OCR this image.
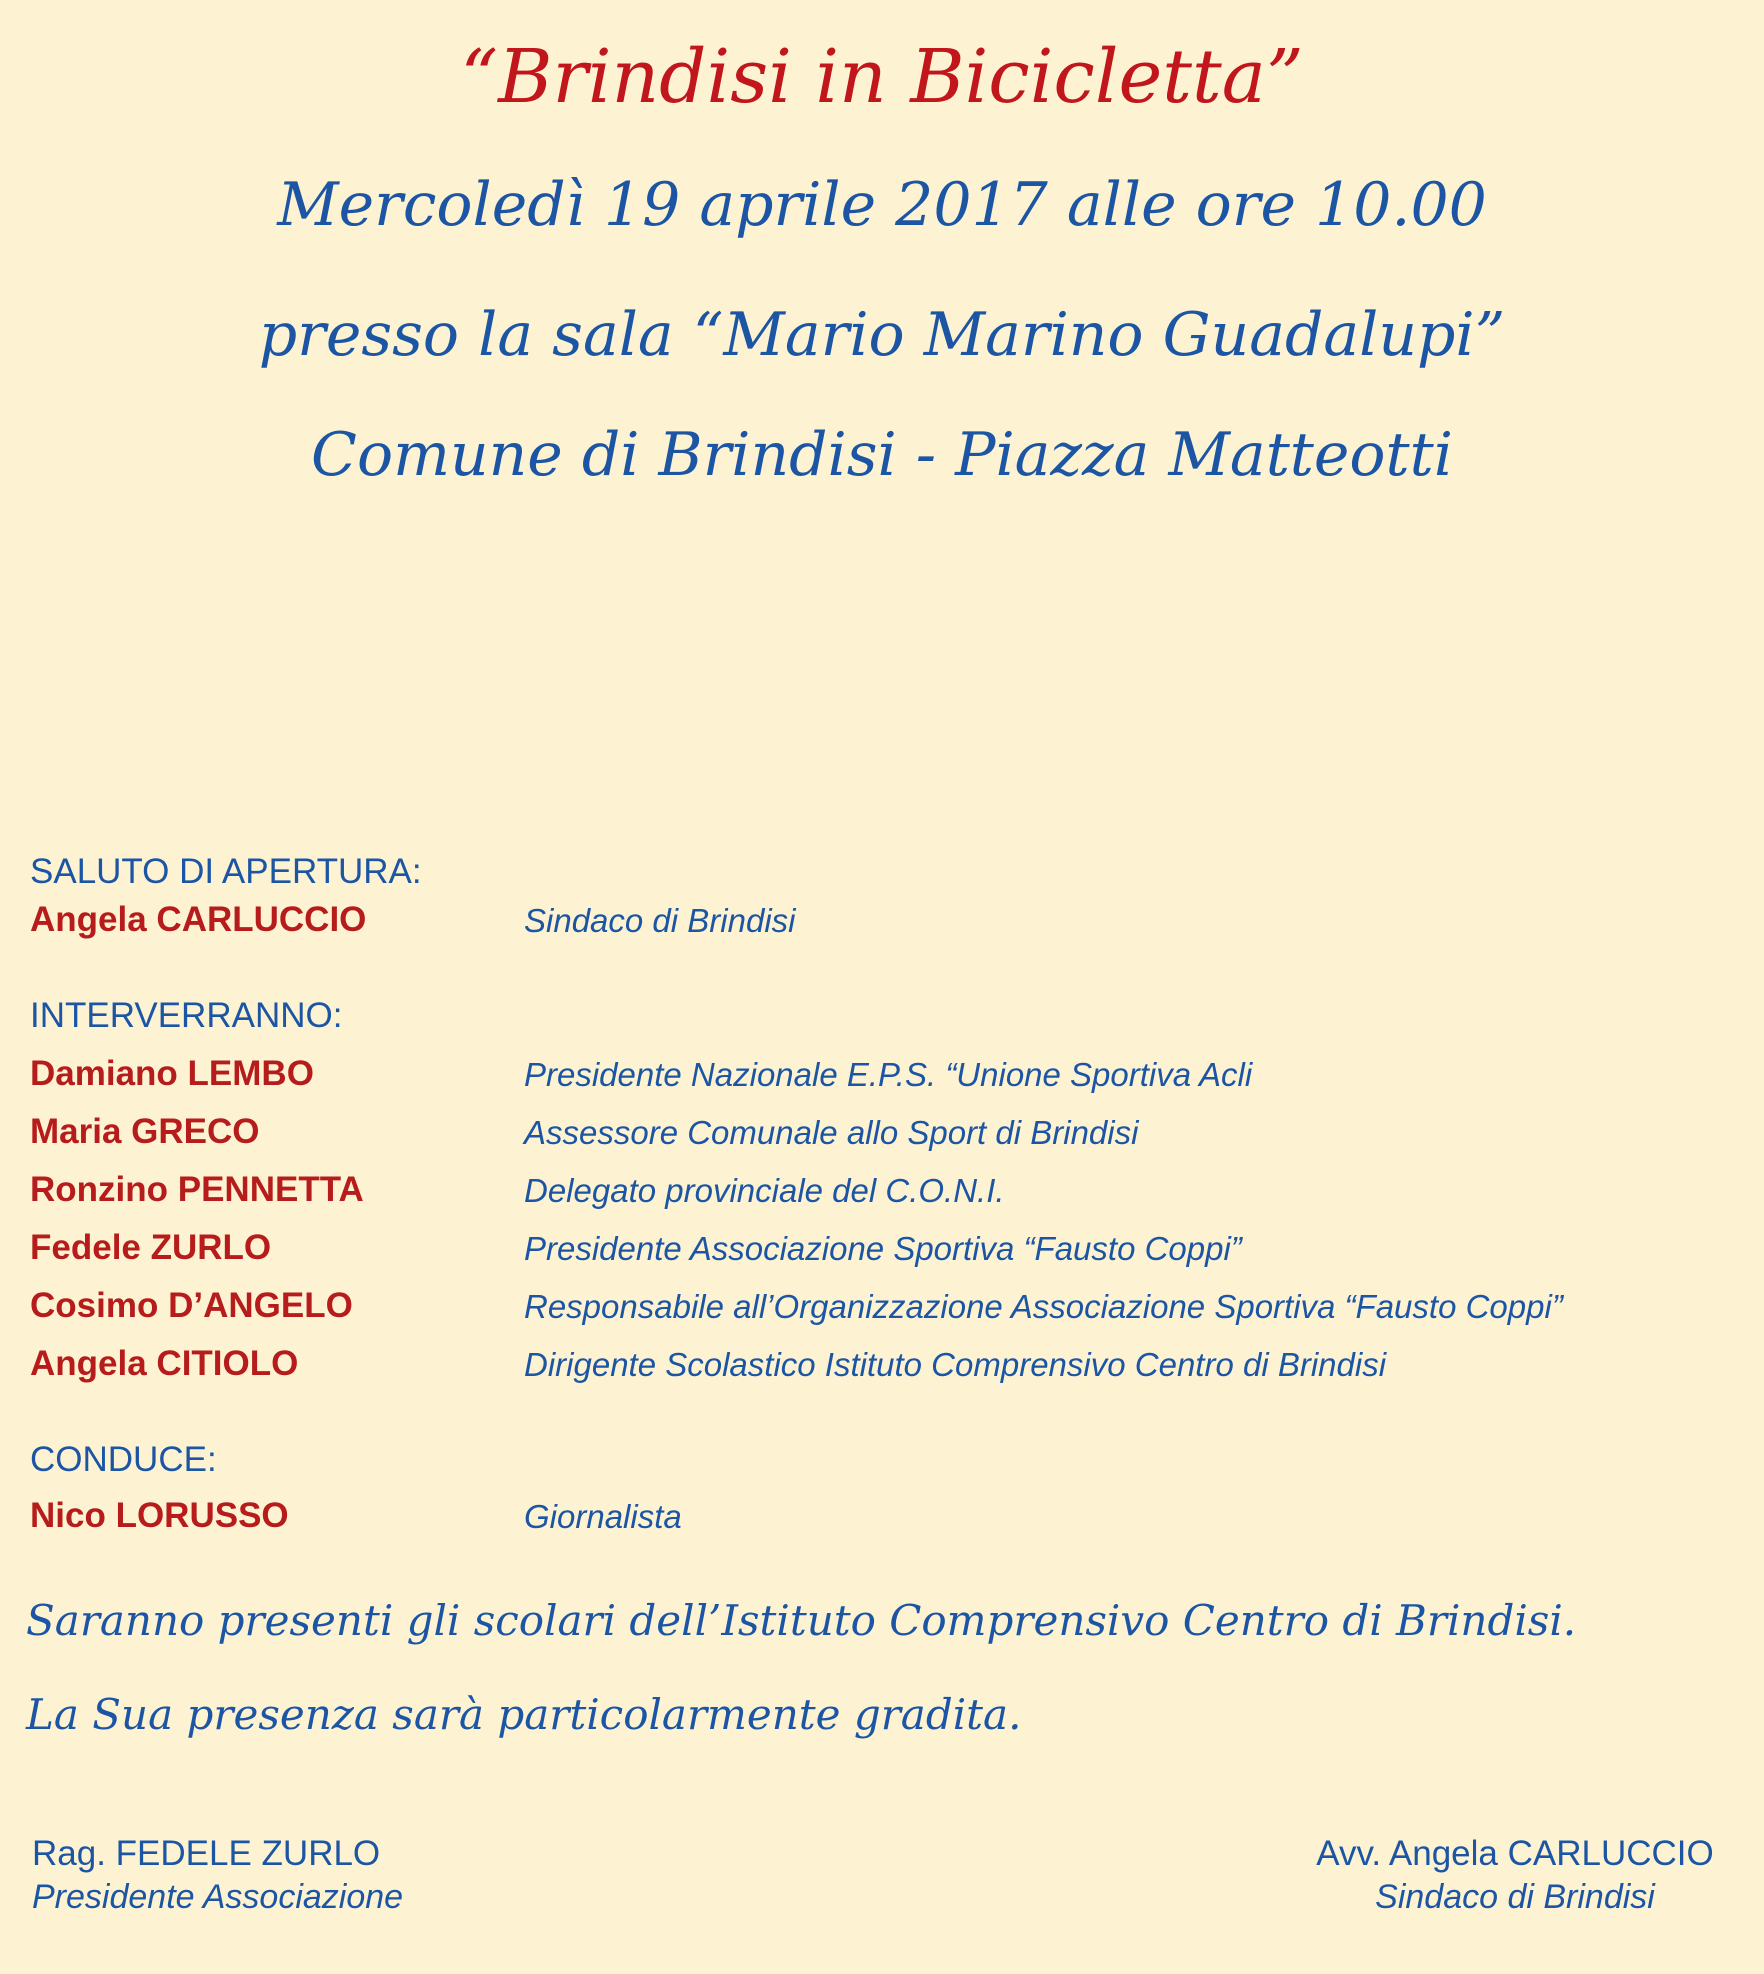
“Brindisi in Bicicletta”
Mercoledì 19 aprile 2017 alle ore 10.00
presso la sala “Mario Marino Guadalupi”
Comune di Brindisi - Piazza Matteotti
SALUTO DI APERTURA:
Angela CARLUCCIO	Sindaco di Brindisi
INTERVERRANNO:
Damiano LEMBO	Presidente Nazionale E.P.S. “Unione Sportiva Acli
Maria GRECO	Assessore Comunale allo Sport di Brindisi
Ronzino PENNETTA	Delegato provinciale del C.O.N.I.
Fedele ZURLO	Presidente Associazione Sportiva “Fausto Coppi”
Cosimo D’ANGELO	Responsabile all’Organizzazione Associazione Sportiva “Fausto Coppi”
Angela CITIOLO	Dirigente Scolastico Istituto Comprensivo Centro di Brindisi
CONDUCE:
Nico LORUSSO	Giornalista
Saranno presenti gli scolari dell’Istituto Comprensivo Centro di Brindisi.
La Sua presenza sarà particolarmente gradita.
Rag. FEDELE ZURLO
Presidente Associazione
Avv. Angela CARLUCCIO
Sindaco di Brindisi
